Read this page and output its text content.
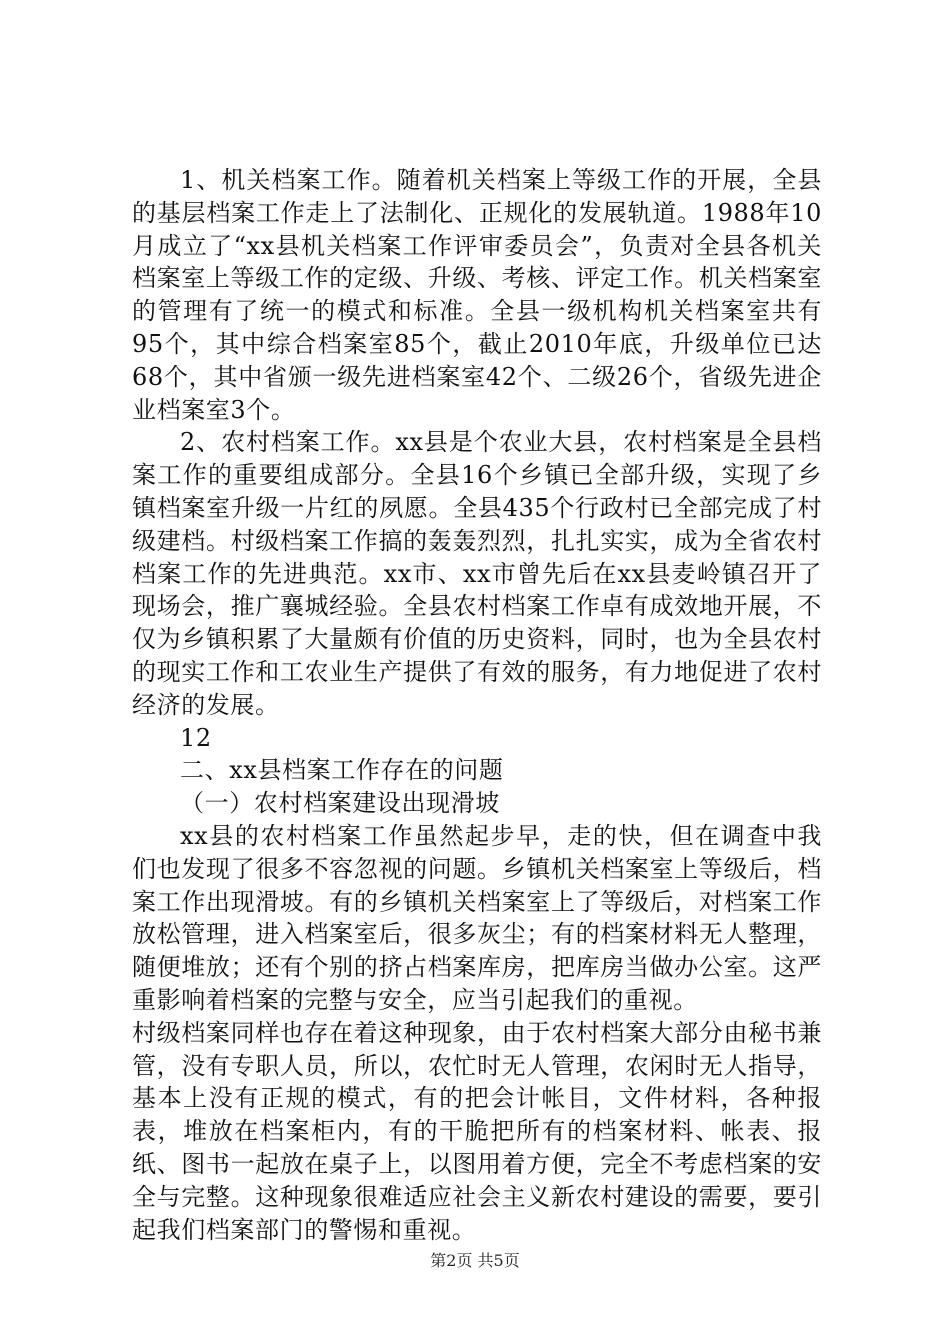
1、机关档案工作。随着机关档案上等级工作的开展，全县的基层档案工作走上了法制化、正规化的发展轨道。1988年10月成立了“xx县机关档案工作评审委员会”，负责对全县各机关档案室上等级工作的定级、升级、考核、评定工作。机关档案室的管理有了统一的模式和标准。全县一级机构机关档案室共有95个，其中综合档案室85个，截止2010年底，升级单位已达68个，其中省颁一级先进档案室42个、二级26个，省级先进企业档案室3个。

2、农村档案工作。xx县是个农业大县，农村档案是全县档案工作的重要组成部分。全县16个乡镇已全部升级，实现了乡镇档案室升级一片红的夙愿。全县435个行政村已全部完成了村级建档。村级档案工作搞的轰轰烈烈，扎扎实实，成为全省农村档案工作的先进典范。xx市、xx市曾先后在xx县麦岭镇召开了现场会，推广襄城经验。全县农村档案工作卓有成效地开展，不仅为乡镇积累了大量颇有价值的历史资料，同时，也为全县农村的现实工作和工农业生产提供了有效的服务，有力地促进了农村经济的发展。

12

二、xx县档案工作存在的问题

（一）农村档案建设出现滑坡

xx县的农村档案工作虽然起步早，走的快，但在调查中我们也发现了很多不容忽视的问题。乡镇机关档案室上等级后，档案工作出现滑坡。有的乡镇机关档案室上了等级后，对档案工作放松管理，进入档案室后，很多灰尘；有的档案材料无人整理，随便堆放；还有个别的挤占档案库房，把库房当做办公室。这严重影响着档案的完整与安全，应当引起我们的重视。

村级档案同样也存在着这种现象，由于农村档案大部分由秘书兼管，没有专职人员，所以，农忙时无人管理，农闲时无人指导，基本上没有正规的模式，有的把会计帐目，文件材料，各种报表，堆放在档案柜内，有的干脆把所有的档案材料、帐表、报纸、图书一起放在桌子上，以图用着方便，完全不考虑档案的安全与完整。这种现象很难适应社会主义新农村建设的需要，要引起我们档案部门的警惕和重视。

第2页 共5页
